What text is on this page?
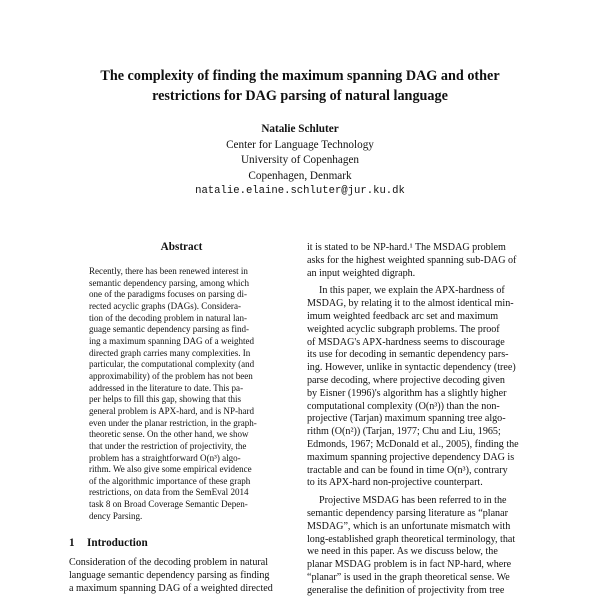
The complexity of finding the maximum spanning DAG and other
restrictions for DAG parsing of natural language
Natalie Schluter
Center for Language Technology
University of Copenhagen
Copenhagen, Denmark
natalie.elaine.schluter@jur.ku.dk
Abstract
Recently, there has been renewed interest in
semantic dependency parsing, among which
one of the paradigms focuses on parsing di-
rected acyclic graphs (DAGs). Considera-
tion of the decoding problem in natural lan-
guage semantic dependency parsing as find-
ing a maximum spanning DAG of a weighted
directed graph carries many complexities. In
particular, the computational complexity (and
approximability) of the problem has not been
addressed in the literature to date. This pa-
per helps to fill this gap, showing that this
general problem is APX-hard, and is NP-hard
even under the planar restriction, in the graph-
theoretic sense. On the other hand, we show
that under the restriction of projectivity, the
problem has a straightforward O(n³) algo-
rithm. We also give some empirical evidence
of the algorithmic importance of these graph
restrictions, on data from the SemEval 2014
task 8 on Broad Coverage Semantic Depen-
dency Parsing.
1 Introduction
Consideration of the decoding problem in natural
language semantic dependency parsing as finding
a maximum spanning DAG of a weighted directed
it is stated to be NP-hard.¹ The MSDAG problem
asks for the highest weighted spanning sub-DAG of
an input weighted digraph.
In this paper, we explain the APX-hardness of
MSDAG, by relating it to the almost identical min-
imum weighted feedback arc set and maximum
weighted acyclic subgraph problems. The proof
of MSDAG's APX-hardness seems to discourage
its use for decoding in semantic dependency pars-
ing. However, unlike in syntactic dependency (tree)
parse decoding, where projective decoding given
by Eisner (1996)'s algorithm has a slightly higher
computational complexity (O(n³)) than the non-
projective (Tarjan) maximum spanning tree algo-
rithm (O(n²)) (Tarjan, 1977; Chu and Liu, 1965;
Edmonds, 1967; McDonald et al., 2005), finding the
maximum spanning projective dependency DAG is
tractable and can be found in time O(n³), contrary
to its APX-hard non-projective counterpart.
Projective MSDAG has been referred to in the
semantic dependency parsing literature as “planar
MSDAG”, which is an unfortunate mismatch with
long-established graph theoretical terminology, that
we need in this paper. As we discuss below, the
planar MSDAG problem is in fact NP-hard, where
“planar” is used in the graph theoretical sense. We
generalise the definition of projectivity from tree
